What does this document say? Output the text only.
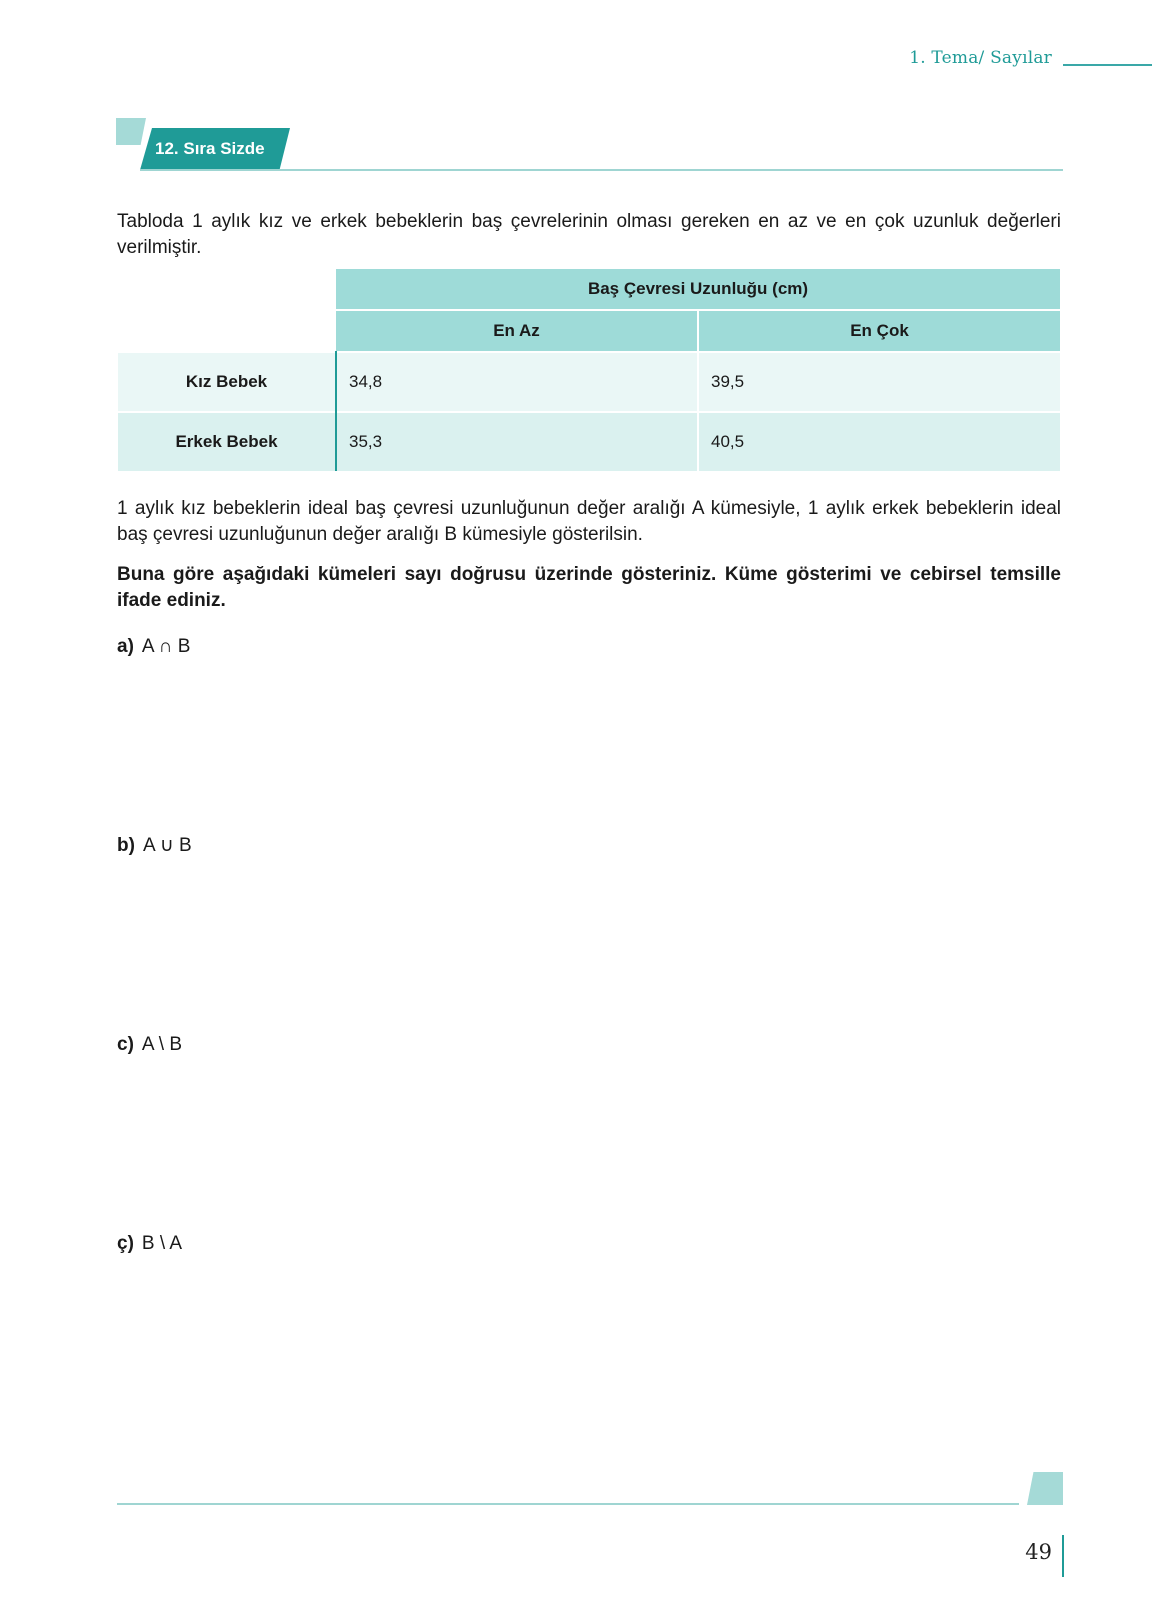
1. Tema/ Sayılar
12. Sıra Sizde

Tabloda 1 aylık kız ve erkek bebeklerin baş çevrelerinin olması gereken en az ve en çok uzunluk değerleri verilmiştir.

	Baş Çevresi Uzunluğu (cm)	
	En Az	En Çok
Kız Bebek	34,8	39,5
Erkek Bebek	35,3	40,5

1 aylık kız bebeklerin ideal baş çevresi uzunluğunun değer aralığı A kümesiyle, 1 aylık erkek bebeklerin ideal baş çevresi uzunluğunun değer aralığı B kümesiyle gösterilsin.

Buna göre aşağıdaki kümeleri sayı doğrusu üzerinde gösteriniz. Küme gösterimi ve cebirsel temsille ifade ediniz.

a) A ∩ B
b) A ∪ B
c) A \ B
ç) B \ A
49
